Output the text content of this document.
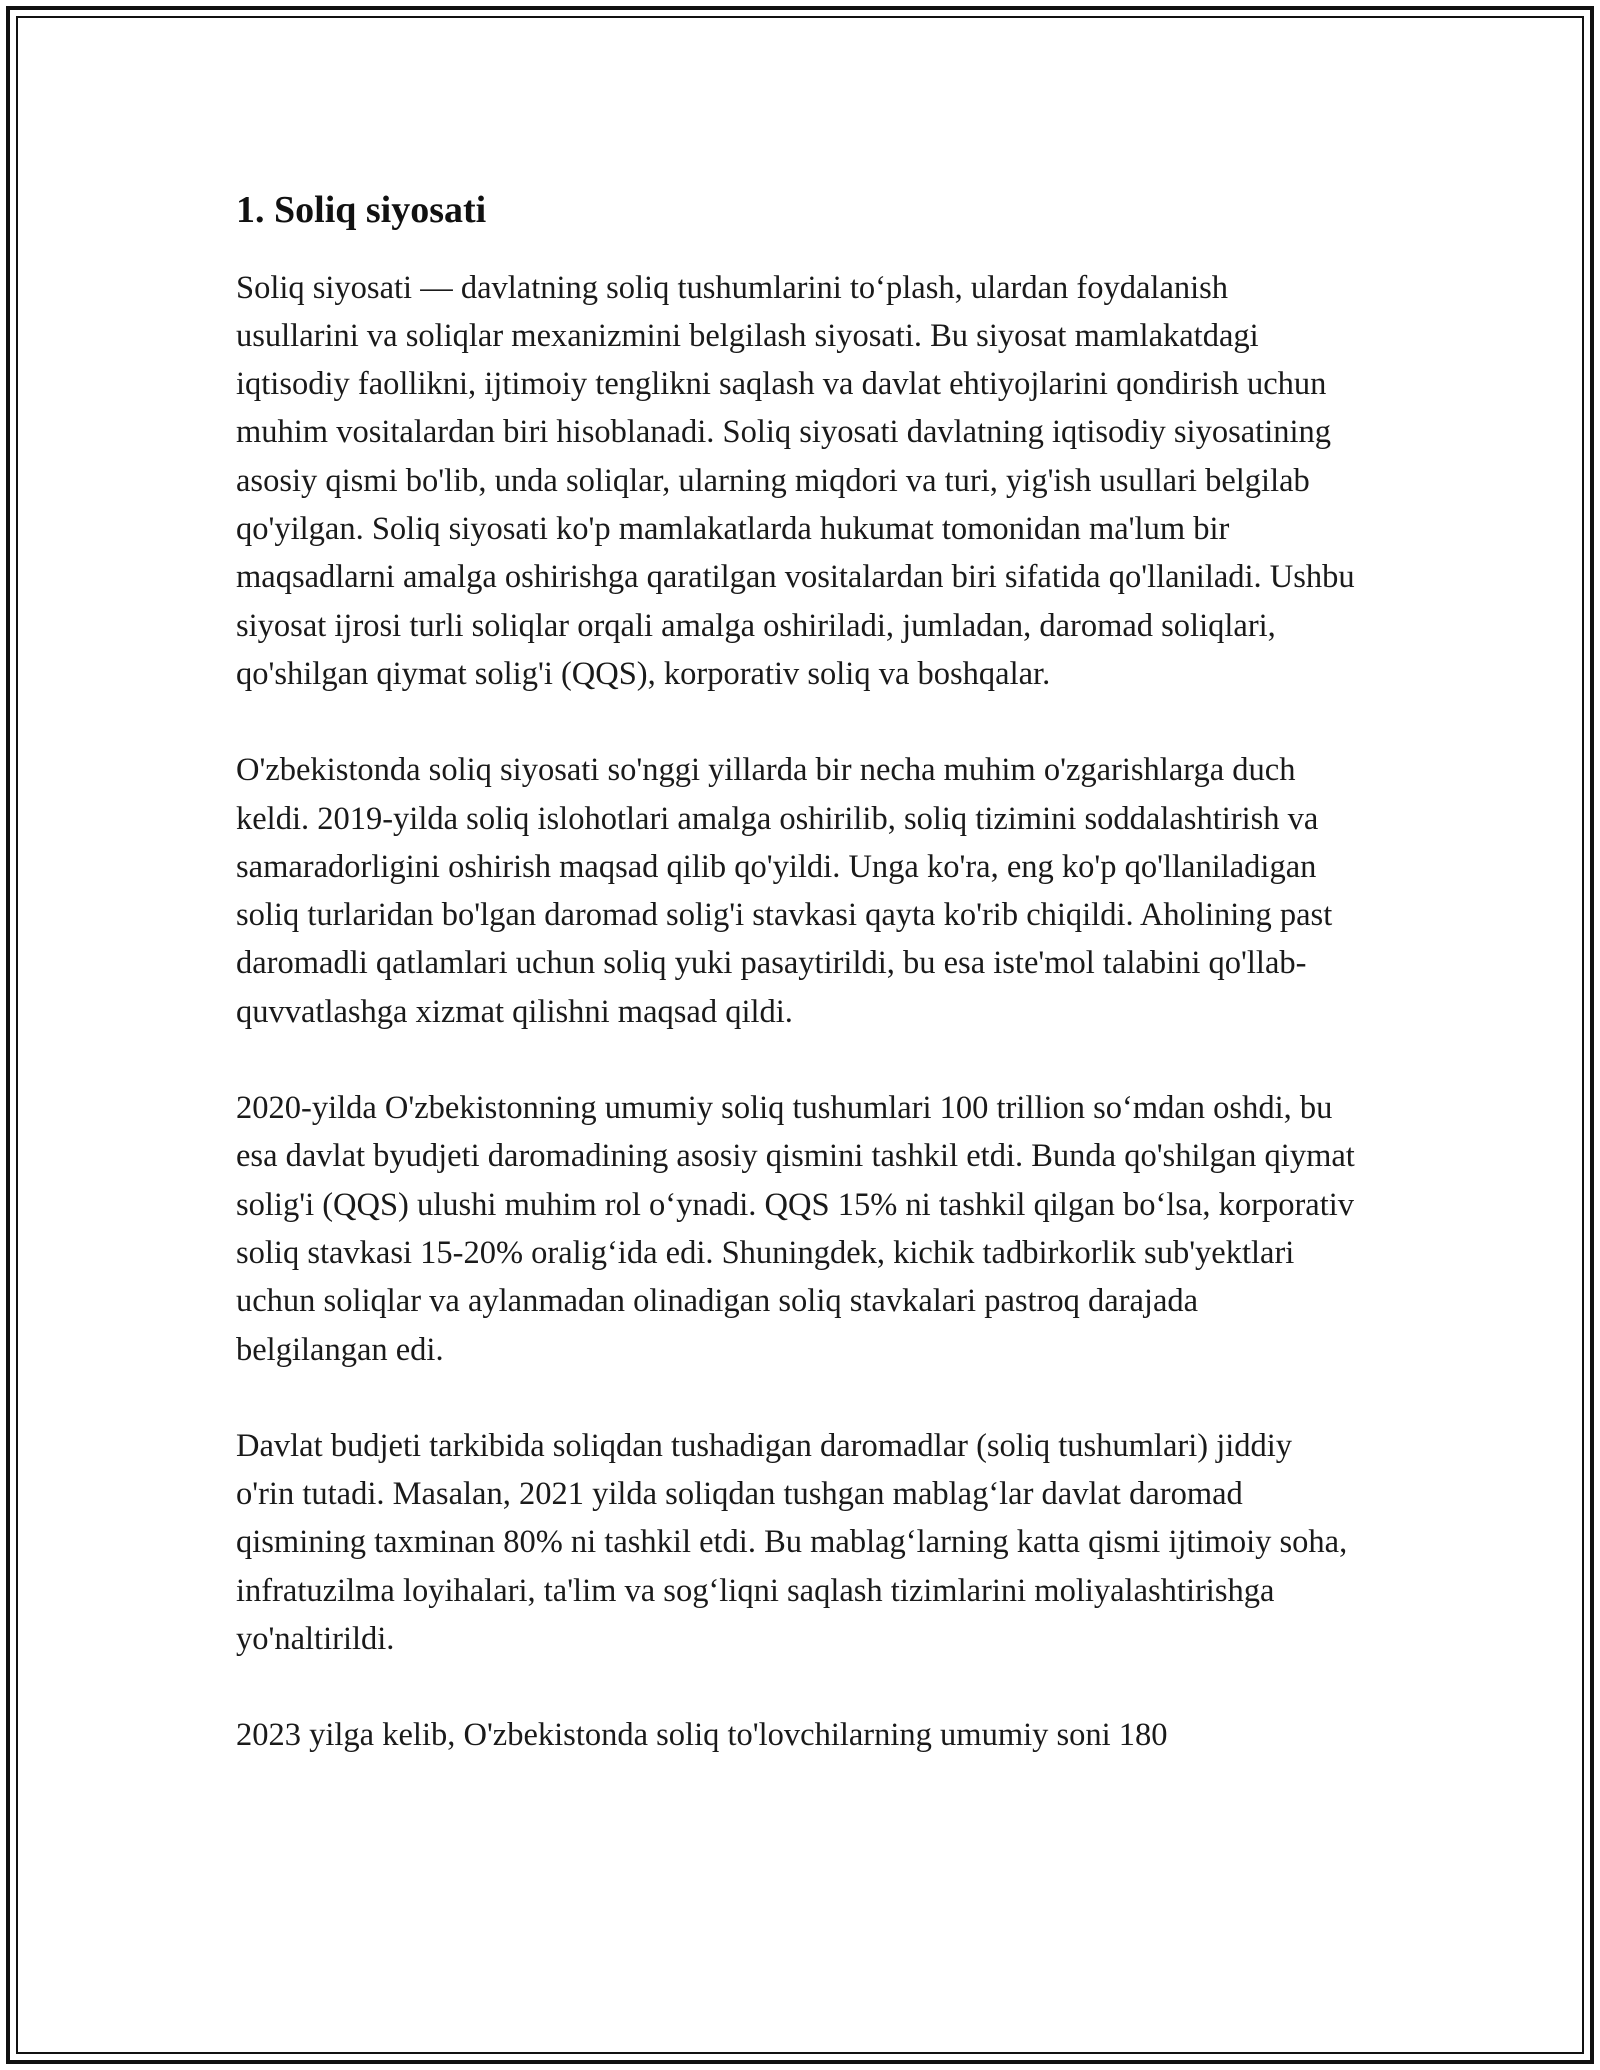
1. Soliq siyosati

Soliq siyosati — davlatning soliq tushumlarini to‘plash, ulardan foydalanish usullarini va soliqlar mexanizmini belgilash siyosati. Bu siyosat mamlakatdagi iqtisodiy faollikni, ijtimoiy tenglikni saqlash va davlat ehtiyojlarini qondirish uchun muhim vositalardan biri hisoblanadi. Soliq siyosati davlatning iqtisodiy siyosatining asosiy qismi bo'lib, unda soliqlar, ularning miqdori va turi, yig'ish usullari belgilab qo'yilgan. Soliq siyosati ko'p mamlakatlarda hukumat tomonidan ma'lum bir maqsadlarni amalga oshirishga qaratilgan vositalardan biri sifatida qo'llaniladi. Ushbu siyosat ijrosi turli soliqlar orqali amalga oshiriladi, jumladan, daromad soliqlari, qo'shilgan qiymat solig'i (QQS), korporativ soliq va boshqalar.

O'zbekistonda soliq siyosati so'nggi yillarda bir necha muhim o'zgarishlarga duch keldi. 2019-yilda soliq islohotlari amalga oshirilib, soliq tizimini soddalashtirish va samaradorligini oshirish maqsad qilib qo'yildi. Unga ko'ra, eng ko'p qo'llaniladigan soliq turlaridan bo'lgan daromad solig'i stavkasi qayta ko'rib chiqildi. Aholining past daromadli qatlamlari uchun soliq yuki pasaytirildi, bu esa iste'mol talabini qo'llab-quvvatlashga xizmat qilishni maqsad qildi.

2020-yilda O'zbekistonning umumiy soliq tushumlari 100 trillion so‘mdan oshdi, bu esa davlat byudjeti daromadining asosiy qismini tashkil etdi. Bunda qo'shilgan qiymat solig'i (QQS) ulushi muhim rol o‘ynadi. QQS 15% ni tashkil qilgan bo‘lsa, korporativ soliq stavkasi 15-20% oralig‘ida edi. Shuningdek, kichik tadbirkorlik sub'yektlari uchun soliqlar va aylanmadan olinadigan soliq stavkalari pastroq darajada belgilangan edi.

Davlat budjeti tarkibida soliqdan tushadigan daromadlar (soliq tushumlari) jiddiy o'rin tutadi. Masalan, 2021 yilda soliqdan tushgan mablag‘lar davlat daromad qismining taxminan 80% ni tashkil etdi. Bu mablag‘larning katta qismi ijtimoiy soha, infratuzilma loyihalari, ta'lim va sog‘liqni saqlash tizimlarini moliyalashtirishga yo'naltirildi.

2023 yilga kelib, O'zbekistonda soliq to'lovchilarning umumiy soni 180
